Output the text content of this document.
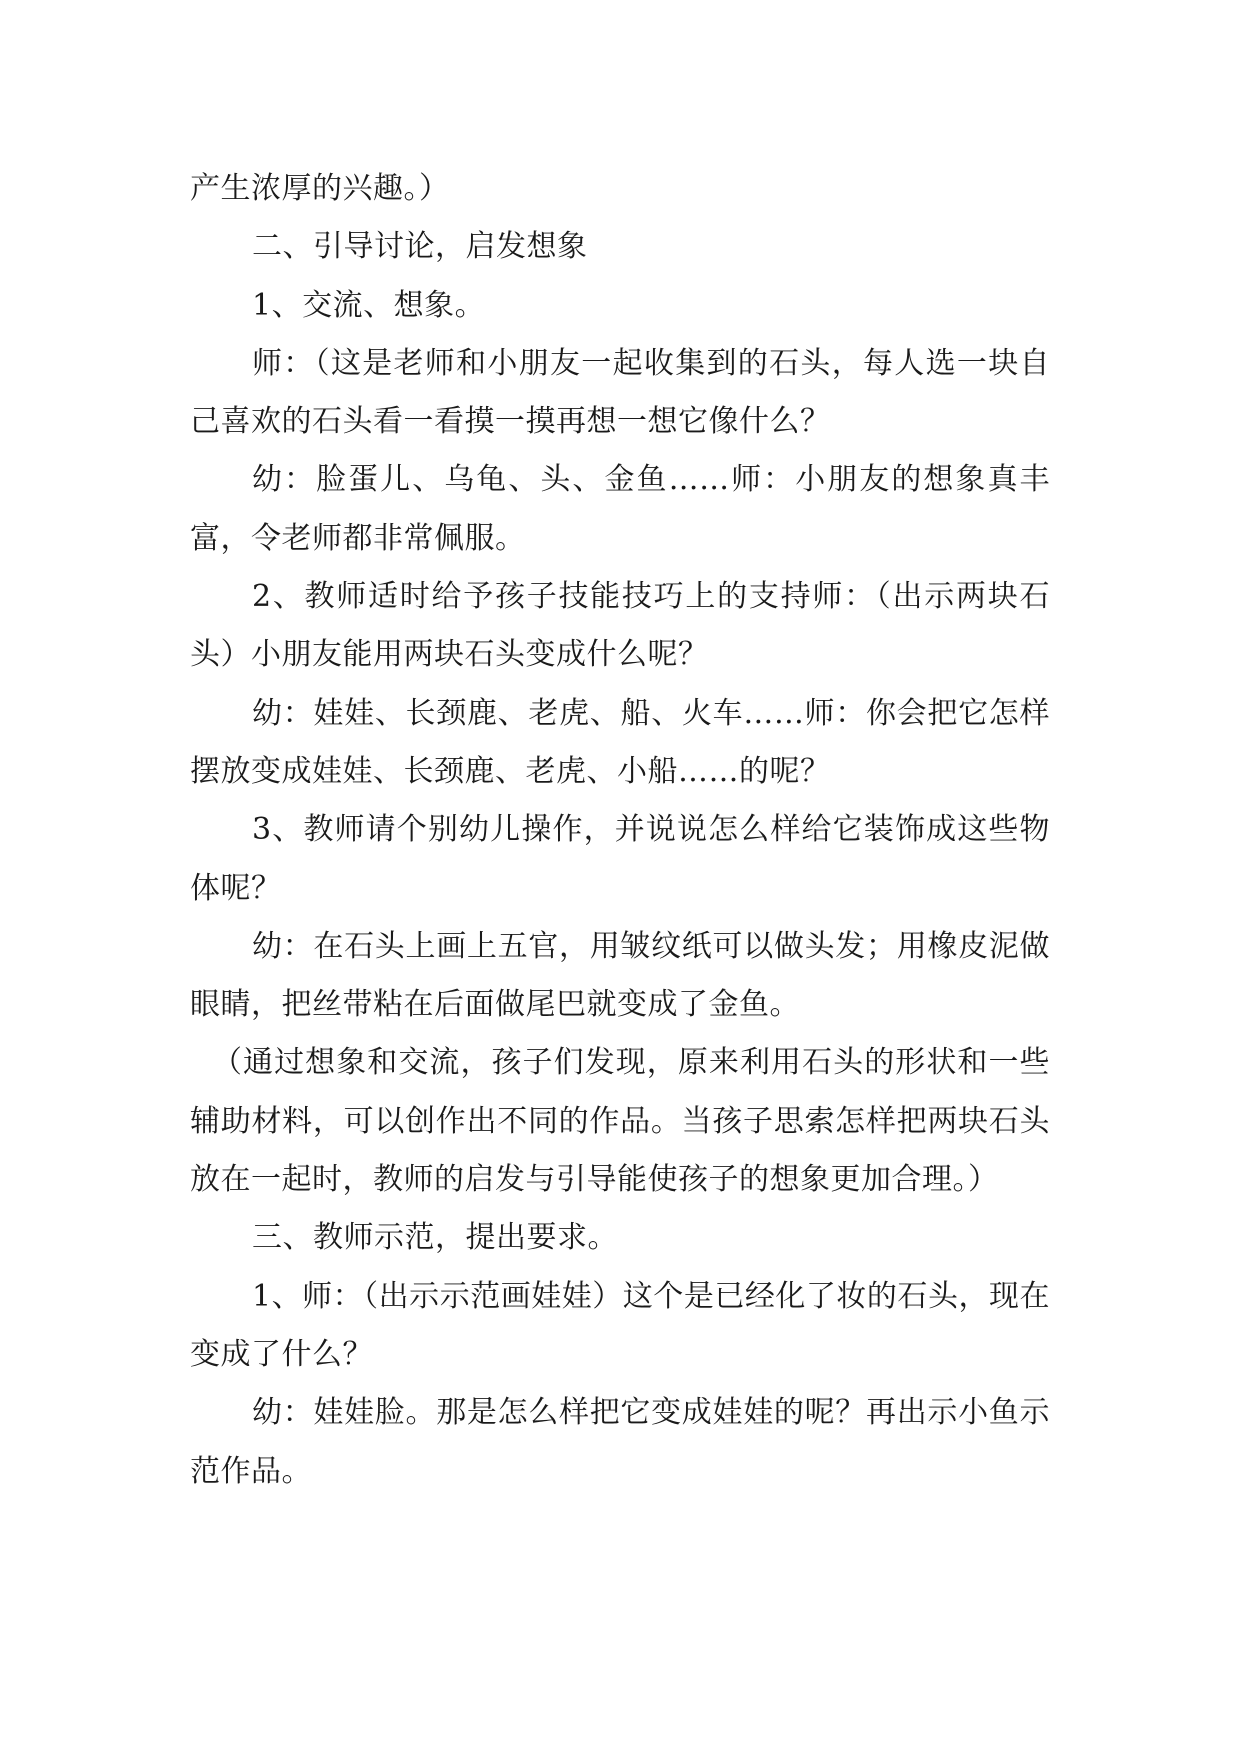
产生浓厚的兴趣。）

二、引导讨论，启发想象

1、交流、想象。

师：（这是老师和小朋友一起收集到的石头，每人选一块自己喜欢的石头看一看摸一摸再想一想它像什么？

幼：脸蛋儿、乌龟、头、金鱼……师：小朋友的想象真丰富，令老师都非常佩服。

2、教师适时给予孩子技能技巧上的支持师：（出示两块石头）小朋友能用两块石头变成什么呢？

幼：娃娃、长颈鹿、老虎、船、火车……师：你会把它怎样摆放变成娃娃、长颈鹿、老虎、小船……的呢？

3、教师请个别幼儿操作，并说说怎么样给它装饰成这些物体呢？

幼：在石头上画上五官，用皱纹纸可以做头发；用橡皮泥做眼睛，把丝带粘在后面做尾巴就变成了金鱼。

（通过想象和交流，孩子们发现，原来利用石头的形状和一些辅助材料，可以创作出不同的作品。当孩子思索怎样把两块石头放在一起时，教师的启发与引导能使孩子的想象更加合理。）

三、教师示范，提出要求。

1、师：（出示示范画娃娃）这个是已经化了妆的石头，现在变成了什么？

幼：娃娃脸。那是怎么样把它变成娃娃的呢？再出示小鱼示范作品。
